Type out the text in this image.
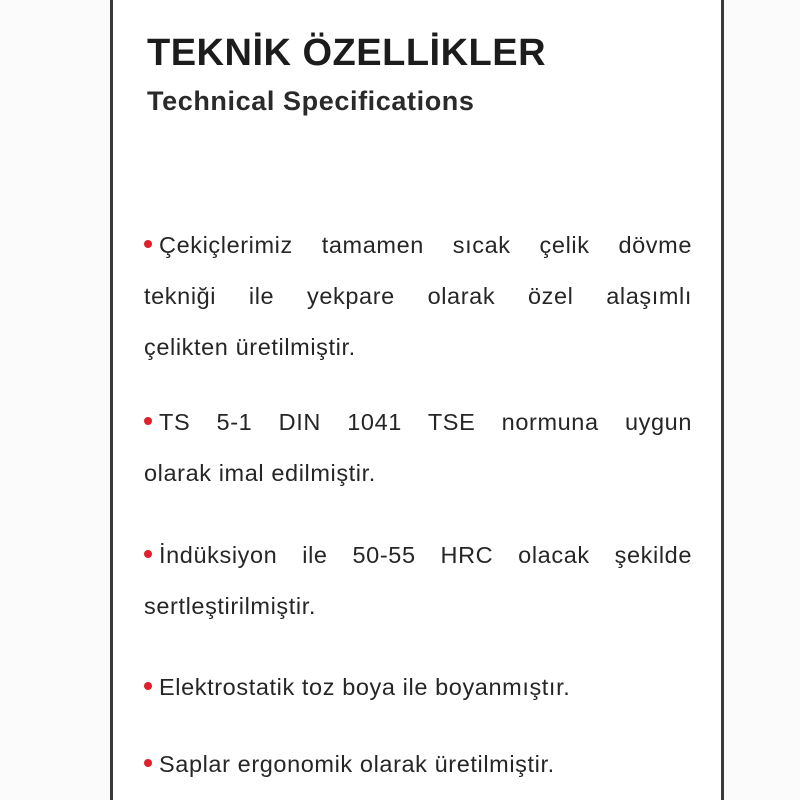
TEKNİK ÖZELLİKLER
Technical Specifications
Çekiçlerimiz tamamen sıcak çelik dövme
tekniği ile yekpare olarak özel alaşımlı
çelikten üretilmiştir.
TS 5-1 DIN 1041 TSE normuna uygun
olarak imal edilmiştir.
İndüksiyon ile 50-55 HRC olacak şekilde
sertleştirilmiştir.
Elektrostatik toz boya ile boyanmıştır.
Saplar ergonomik olarak üretilmiştir.
